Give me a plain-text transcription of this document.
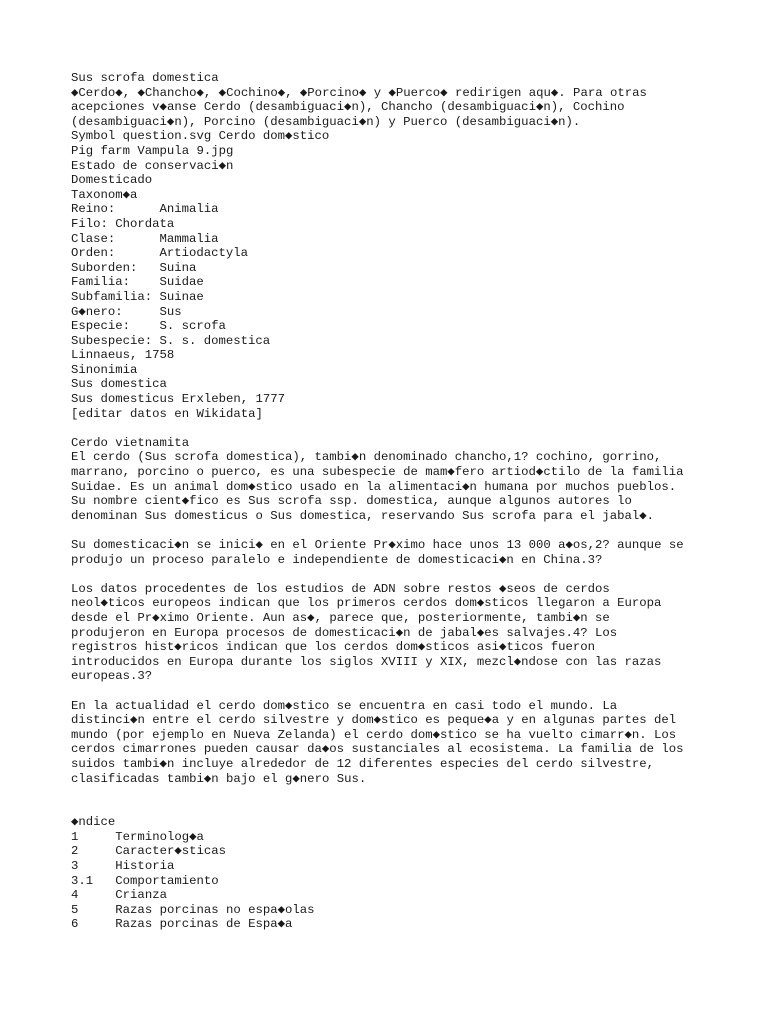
Sus scrofa domestica
◆Cerdo◆, ◆Chancho◆, ◆Cochino◆, ◆Porcino◆ y ◆Puerco◆ redirigen aqu◆. Para otras
acepciones v◆anse Cerdo (desambiguaci◆n), Chancho (desambiguaci◆n), Cochino
(desambiguaci◆n), Porcino (desambiguaci◆n) y Puerco (desambiguaci◆n).
Symbol question.svg Cerdo dom◆stico
Pig farm Vampula 9.jpg
Estado de conservaci◆n
Domesticado
Taxonom◆a
Reino:	Animalia
Filo: Chordata
Clase:	Mammalia
Orden:	Artiodactyla
Suborden: Suina
Familia: Suidae
Subfamilia: Suinae
G◆nero:	Sus
Especie: S. scrofa
Subespecie: S. s. domestica
Linnaeus, 1758
Sinonimia
Sus domestica
Sus domesticus Erxleben, 1777
[editar datos en Wikidata]
Cerdo vietnamita
El cerdo (Sus scrofa domestica), tambi◆n denominado chancho,1? cochino, gorrino,
marrano, porcino o puerco, es una subespecie de mam◆fero artiod◆ctilo de la familia
Suidae. Es un animal dom◆stico usado en la alimentaci◆n humana por muchos pueblos.
Su nombre cient◆fico es Sus scrofa ssp. domestica, aunque algunos autores lo
denominan Sus domesticus o Sus domestica, reservando Sus scrofa para el jabal◆.
Su domesticaci◆n se inici◆ en el Oriente Pr◆ximo hace unos 13 000 a◆os,2? aunque se
produjo un proceso paralelo e independiente de domesticaci◆n en China.3?
Los datos procedentes de los estudios de ADN sobre restos ◆seos de cerdos
neol◆ticos europeos indican que los primeros cerdos dom◆sticos llegaron a Europa
desde el Pr◆ximo Oriente. Aun as◆, parece que, posteriormente, tambi◆n se
produjeron en Europa procesos de domesticaci◆n de jabal◆es salvajes.4? Los
registros hist◆ricos indican que los cerdos dom◆sticos asi◆ticos fueron
introducidos en Europa durante los siglos XVIII y XIX, mezcl◆ndose con las razas
europeas.3?
En la actualidad el cerdo dom◆stico se encuentra en casi todo el mundo. La
distinci◆n entre el cerdo silvestre y dom◆stico es peque◆a y en algunas partes del
mundo (por ejemplo en Nueva Zelanda) el cerdo dom◆stico se ha vuelto cimarr◆n. Los
cerdos cimarrones pueden causar da◆os sustanciales al ecosistema. La familia de los
suidos tambi◆n incluye alrededor de 12 diferentes especies del cerdo silvestre,
clasificadas tambi◆n bajo el g◆nero Sus.
◆ndice
1	Terminolog◆a
2	Caracter◆sticas
3	Historia
3.1 Comportamiento
4	Crianza
5	Razas porcinas no espa◆olas
6	Razas porcinas de Espa◆a
